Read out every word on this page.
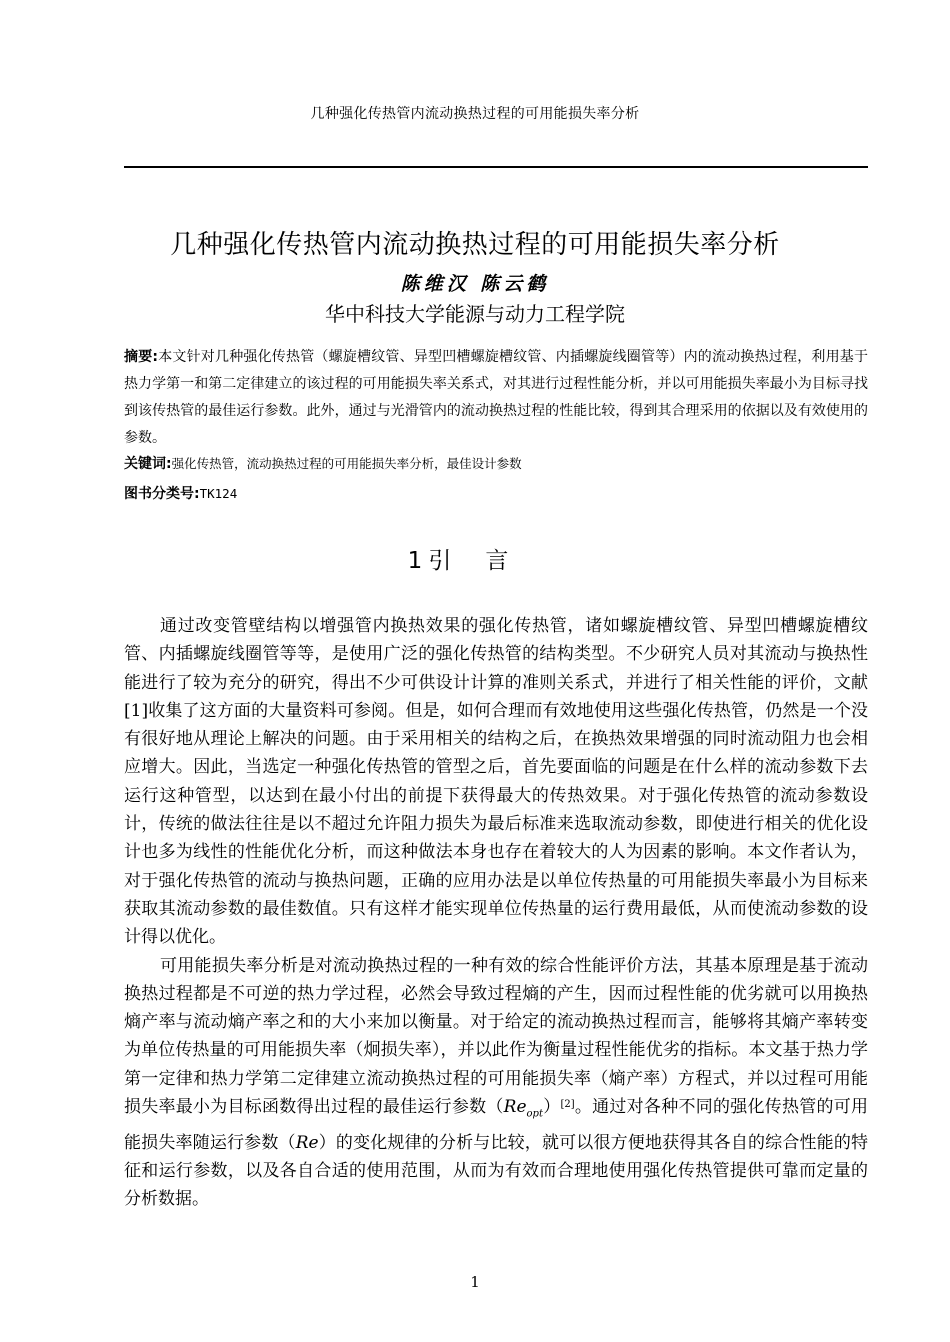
几种强化传热管内流动换热过程的可用能损失率分析
几种强化传热管内流动换热过程的可用能损失率分析
陈维汉 陈云鹤
华中科技大学能源与动力工程学院
摘要:本文针对几种强化传热管（螺旋槽纹管、异型凹槽螺旋槽纹管、内插螺旋线圈管等）内的流动换热过程，利用基于热力学第一和第二定律建立的该过程的可用能损失率关系式，对其进行过程性能分析，并以可用能损失率最小为目标寻找到该传热管的最佳运行参数。此外，通过与光滑管内的流动换热过程的性能比较，得到其合理采用的依据以及有效使用的参数。
关键词:强化传热管，流动换热过程的可用能损失率分析，最佳设计参数
图书分类号:TK124
1 引言

通过改变管壁结构以增强管内换热效果的强化传热管，诸如螺旋槽纹管、异型凹槽螺旋槽纹管、内插螺旋线圈管等等，是使用广泛的强化传热管的结构类型。不少研究人员对其流动与换热性能进行了较为充分的研究，得出不少可供设计计算的准则关系式，并进行了相关性能的评价，文献[1]收集了这方面的大量资料可参阅。但是，如何合理而有效地使用这些强化传热管，仍然是一个没有很好地从理论上解决的问题。由于采用相关的结构之后，在换热效果增强的同时流动阻力也会相应增大。因此，当选定一种强化传热管的管型之后，首先要面临的问题是在什么样的流动参数下去运行这种管型，以达到在最小付出的前提下获得最大的传热效果。对于强化传热管的流动参数设计，传统的做法往往是以不超过允许阻力损失为最后标准来选取流动参数，即使进行相关的优化设计也多为线性的性能优化分析，而这种做法本身也存在着较大的人为因素的影响。本文作者认为，对于强化传热管的流动与换热问题，正确的应用办法是以单位传热量的可用能损失率最小为目标来获取其流动参数的最佳数值。只有这样才能实现单位传热量的运行费用最低，从而使流动参数的设计得以优化。

可用能损失率分析是对流动换热过程的一种有效的综合性能评价方法，其基本原理是基于流动换热过程都是不可逆的热力学过程，必然会导致过程熵的产生，因而过程性能的优劣就可以用换热熵产率与流动熵产率之和的大小来加以衡量。对于给定的流动换热过程而言，能够将其熵产率转变为单位传热量的可用能损失率（炯损失率），并以此作为衡量过程性能优劣的指标。本文基于热力学第一定律和热力学第二定律建立流动换热过程的可用能损失率（熵产率）方程式，并以过程可用能损失率最小为目标函数得出过程的最佳运行参数$(Re_{opt})[2]$。通过对各种不同的强化传热管的可用能损失率随运行参数（Re）的变化规律的分析与比较，就可以很方便地获得其各自的综合性能的特征和运行参数，以及各自合适的使用范围，从而为有效而合理地使用强化传热管提供可靠而定量的分析数据。

1
